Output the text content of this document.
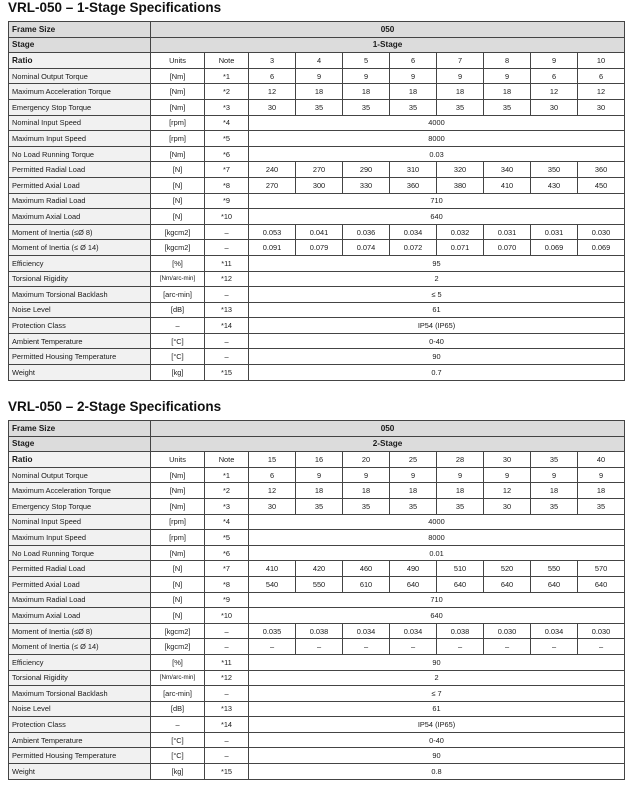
VRL-050 – 1-Stage Specifications
Frame Size	050									
Stage	1-Stage									
Ratio	Units	Note	3	4	5	6	7	8	9	10
Nominal Output Torque	[Nm]	*1	6	9	9	9	9	9	6	6
Maximum Acceleration Torque	[Nm]	*2	12	18	18	18	18	18	12	12
Emergency Stop Torque	[Nm]	*3	30	35	35	35	35	35	30	30
Nominal Input Speed	[rpm]	*4	4000							
Maximum Input Speed	[rpm]	*5	8000							
No Load Running Torque	[Nm]	*6	0.03							
Permitted Radial Load	[N]	*7	240	270	290	310	320	340	350	360
Permitted Axial Load	[N]	*8	270	300	330	360	380	410	430	450
Maximum Radial Load	[N]	*9	710							
Maximum Axial Load	[N]	*10	640							
Moment of Inertia (≤Ø 8)	[kgcm2]	–	0.053	0.041	0.036	0.034	0.032	0.031	0.031	0.030
Moment of Inertia (≤ Ø 14)	[kgcm2]	–	0.091	0.079	0.074	0.072	0.071	0.070	0.069	0.069
Efficiency	[%]	*11	95							
Torsional Rigidity	[Nm/arc-min]	*12	2							
Maximum Torsional Backlash	[arc-min]	–	≤ 5							
Noise Level	[dB]	*13	61							
Protection Class	–	*14	IP54 (IP65)							
Ambient Temperature	[°C]	–	0-40							
Permitted Housing Temperature	[°C]	–	90							
Weight	[kg]	*15	0.7							
VRL-050 – 2-Stage Specifications
Frame Size	050									
Stage	2-Stage									
Ratio	Units	Note	15	16	20	25	28	30	35	40
Nominal Output Torque	[Nm]	*1	6	9	9	9	9	9	9	9
Maximum Acceleration Torque	[Nm]	*2	12	18	18	18	18	12	18	18
Emergency Stop Torque	[Nm]	*3	30	35	35	35	35	30	35	35
Nominal Input Speed	[rpm]	*4	4000							
Maximum Input Speed	[rpm]	*5	8000							
No Load Running Torque	[Nm]	*6	0.01							
Permitted Radial Load	[N]	*7	410	420	460	490	510	520	550	570
Permitted Axial Load	[N]	*8	540	550	610	640	640	640	640	640
Maximum Radial Load	[N]	*9	710							
Maximum Axial Load	[N]	*10	640							
Moment of Inertia (≤Ø 8)	[kgcm2]	–	0.035	0.038	0.034	0.034	0.038	0.030	0.034	0.030
Moment of Inertia (≤ Ø 14)	[kgcm2]	–	–	–	–	–	–	–	–	–
Efficiency	[%]	*11	90							
Torsional Rigidity	[Nm/arc-min]	*12	2							
Maximum Torsional Backlash	[arc-min]	–	≤ 7							
Noise Level	[dB]	*13	61							
Protection Class	–	*14	IP54 (IP65)							
Ambient Temperature	[°C]	–	0-40							
Permitted Housing Temperature	[°C]	–	90							
Weight	[kg]	*15	0.8							
